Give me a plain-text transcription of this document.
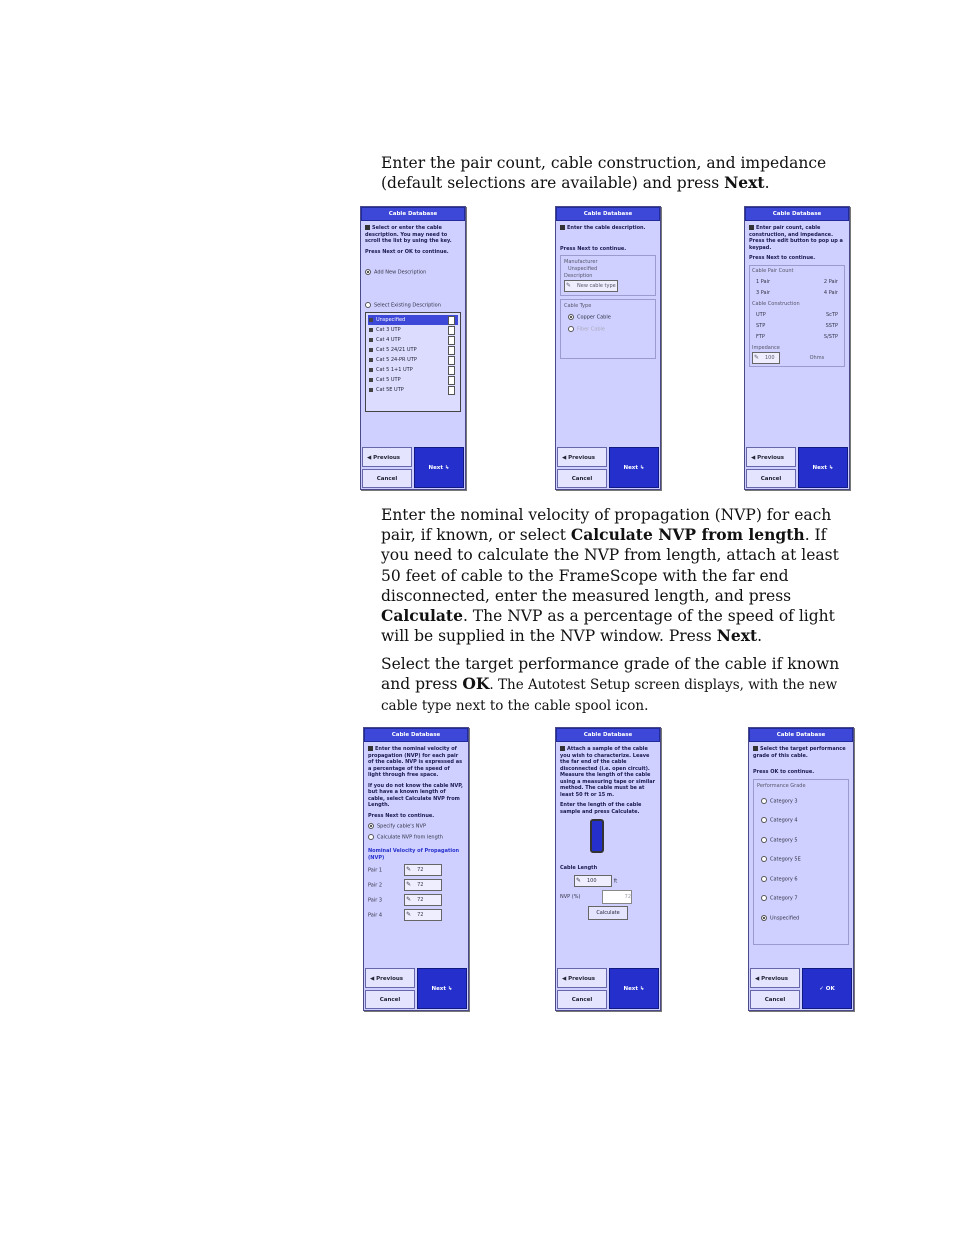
Enter the pair count, cable construction, and impedance (default selections are available) and press Next.

Cable Database
Select or enter the cable description. You may need to scroll the list by using the key.
Press Next or OK to continue.
Add New Description
Select Existing Description
Unspecified
Cat 3 UTP
Cat 4 UTP
Cat 5 24/21 UTP
Cat 5 24-PR UTP
Cat 5 1+1 UTP
Cat 5 UTP
Cat 5E UTP
◀ Previous
Cancel
Next ↳
Cable Database
Enter the cable description.
Press Next to continue.
Manufacturer
Unspecified
Description
✎ New cable type
Cable Type
Copper Cable
Fiber Cable
◀ Previous
Cancel
Next ↳
Cable Database
Enter pair count, cable construction, and impedance. Press the edit button to pop up a keypad.
Press Next to continue.
Cable Pair Count
1 Pair	2 Pair
3 Pair	4 Pair
Cable Construction
UTP	ScTP
STP	SSTP
FTP	S/STP
Impedance
✎ 100	Ohms
◀ Previous
Cancel
Next ↳

Enter the nominal velocity of propagation (NVP) for each pair, if known, or select Calculate NVP from length. If you need to calculate the NVP from length, attach at least 50 feet of cable to the FrameScope with the far end disconnected, enter the measured length, and press Calculate. The NVP as a percentage of the speed of light will be supplied in the NVP window. Press Next.

Select the target performance grade of the cable if known and press OK. The Autotest Setup screen displays, with the new cable type next to the cable spool icon.

Cable Database
Enter the nominal velocity of propagation (NVP) for each pair of the cable. NVP is expressed as a percentage of the speed of light through free space.
If you do not know the cable NVP, but have a known length of cable, select Calculate NVP from Length.
Press Next to continue.
Specify cable's NVP
Calculate NVP from length
Nominal Velocity of Propagation (NVP)
Pair 1	✎ 72
Pair 2	✎ 72
Pair 3	✎ 72
Pair 4	✎ 72
◀ Previous
Cancel
Next ↳
Cable Database
Attach a sample of the cable you wish to characterize. Leave the far end of the cable disconnected (i.e. open circuit). Measure the length of the cable using a measuring tape or similar method. The cable must be at least 50 ft or 15 m.
Enter the length of the cable sample and press Calculate.
Cable Length
✎ 100	ft
NVP (%)	72
Calculate
◀ Previous
Cancel
Next ↳
Cable Database
Select the target performance grade of this cable.
Press OK to continue.
Performance Grade
Category 3
Category 4
Category 5
Category 5E
Category 6
Category 7
Unspecified
◀ Previous
Cancel
✓ OK
